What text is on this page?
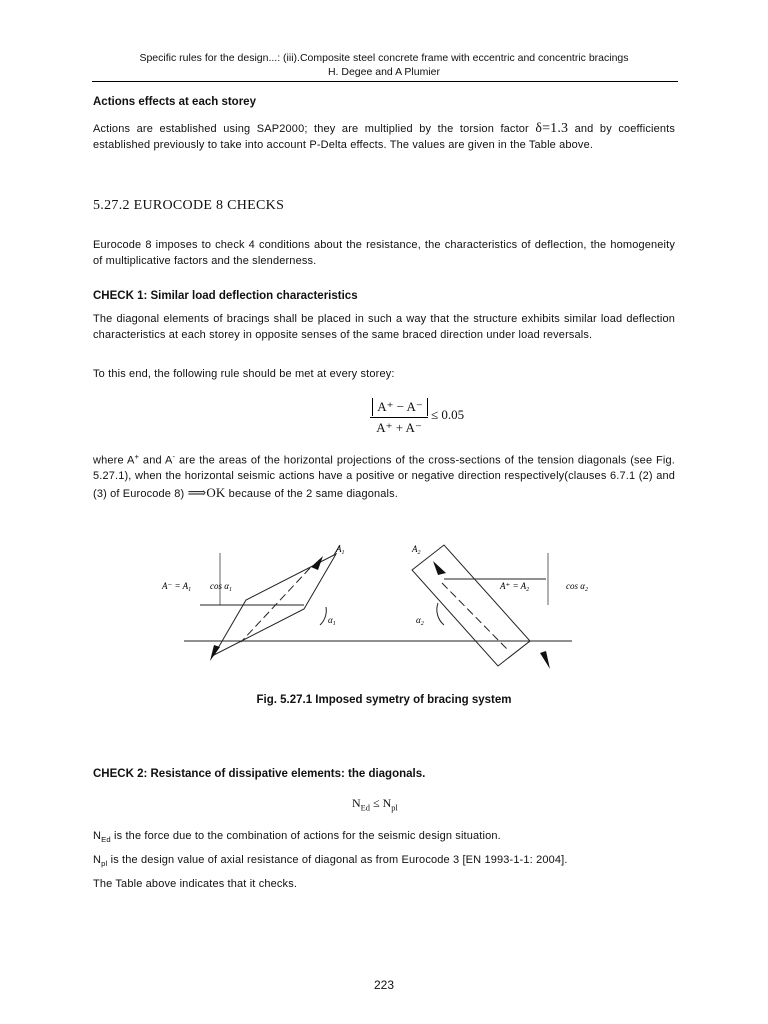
Specific rules for the design...: (iii).Composite steel concrete frame with eccentric and concentric bracings
H. Degee and A Plumier
Actions effects at each storey
Actions are established using SAP2000; they are multiplied by the torsion factor δ=1.3 and by coefficients established previously to take into account P-Delta effects. The values are given in the Table above.
5.27.2 EUROCODE 8 CHECKS
Eurocode 8 imposes to check 4 conditions about the resistance, the characteristics of deflection, the homogeneity of multiplicative factors and the slenderness.
CHECK 1: Similar load deflection characteristics
The diagonal elements of bracings shall be placed in such a way that the structure exhibits similar load deflection characteristics at each storey in opposite senses of the same braced direction under load reversals.
To this end, the following rule should be met at every storey:
A⁺ − A⁻
A⁺ + A⁻
≤ 0.05
where A+ and A- are the areas of the horizontal projections of the cross-sections of the tension diagonals (see Fig. 5.27.1), when the horizontal seismic actions have a positive or negative direction respectively(clauses 6.7.1 (2) and (3) of Eurocode 8) ⟹OK because of the 2 same diagonals.
$A_1$	$A_2$
$A^- = A_1$ $\cos \alpha_1$	$A^+ = A_2$	$\cos \alpha_2$
$\alpha_1$	$\alpha_2$
Fig. 5.27.1 Imposed symetry of bracing system
CHECK 2: Resistance of dissipative elements: the diagonals.
$N_{Ed} \le N_{pl}$
$N_{Ed}$ is the force due to the combination of actions for the seismic design situation.
$N_{pl}$ is the design value of axial resistance of diagonal as from Eurocode 3 [EN 1993-1-1: 2004].
The Table above indicates that it checks.
223
